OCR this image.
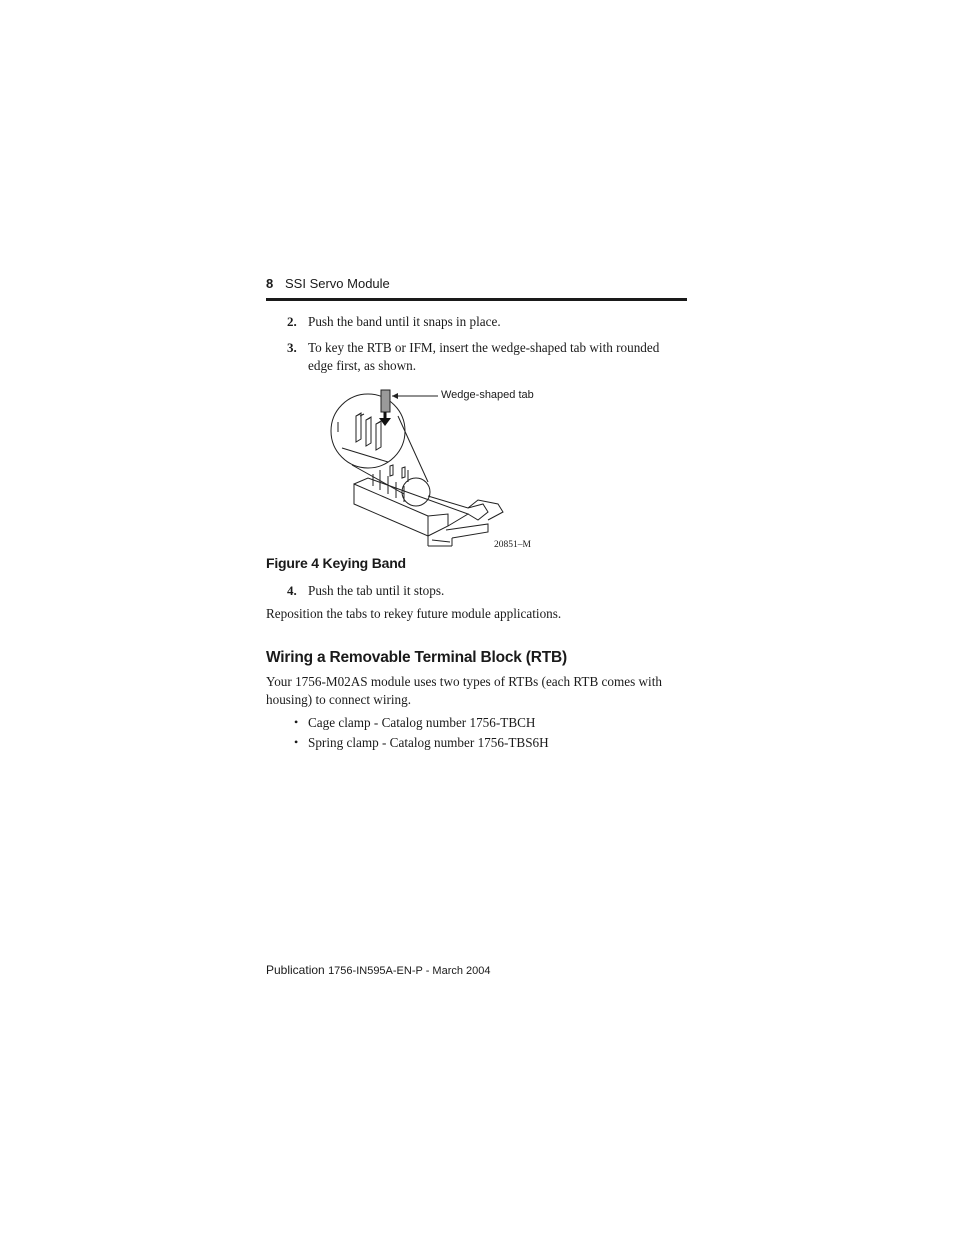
8 SSI Servo Module
2. Push the band until it snaps in place.
3. To key the RTB or IFM, insert the wedge-shaped tab with rounded
edge first, as shown.
Wedge-shaped tab
20851–M
Figure 4 Keying Band
4. Push the tab until it stops.
Reposition the tabs to rekey future module applications.
Wiring a Removable Terminal Block (RTB)
Your 1756-M02AS module uses two types of RTBs (each RTB comes with
housing) to connect wiring.
• Cage clamp - Catalog number 1756-TBCH
• Spring clamp - Catalog number 1756-TBS6H
Publication 1756-IN595A-EN-P - March 2004
